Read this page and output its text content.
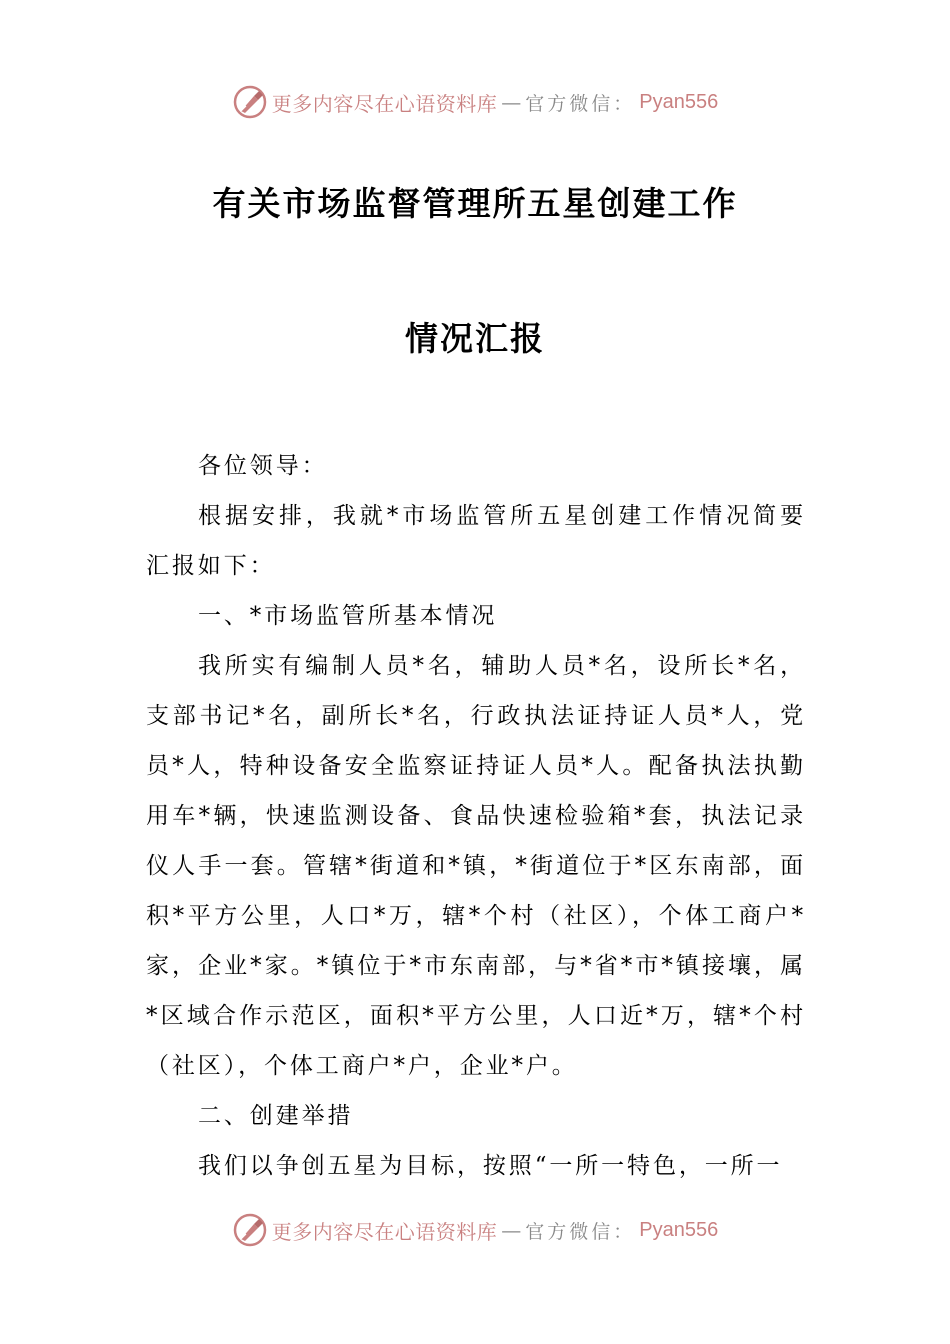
更多内容尽在心语资料库 — 官方微信： Pyan556
有关市场监督管理所五星创建工作
情况汇报

各位领导：

根据安排，我就*市场监管所五星创建工作情况简要汇报如下：

一、*市场监管所基本情况

我所实有编制人员*名，辅助人员*名，设所长*名，支部书记*名，副所长*名，行政执法证持证人员*人，党员*人，特种设备安全监察证持证人员*人。配备执法执勤用车*辆，快速监测设备、食品快速检验箱*套，执法记录仪人手一套。管辖*街道和*镇，*街道位于*区东南部，面积*平方公里，人口*万，辖*个村（社区），个体工商户*家，企业*家。*镇位于*市东南部，与*省*市*镇接壤，属*区域合作示范区，面积*平方公里，人口近*万，辖*个村（社区），个体工商户*户，企业*户。

二、创建举措

我们以争创五星为目标，按照“一所一特色，一所一

更多内容尽在心语资料库 — 官方微信： Pyan556
